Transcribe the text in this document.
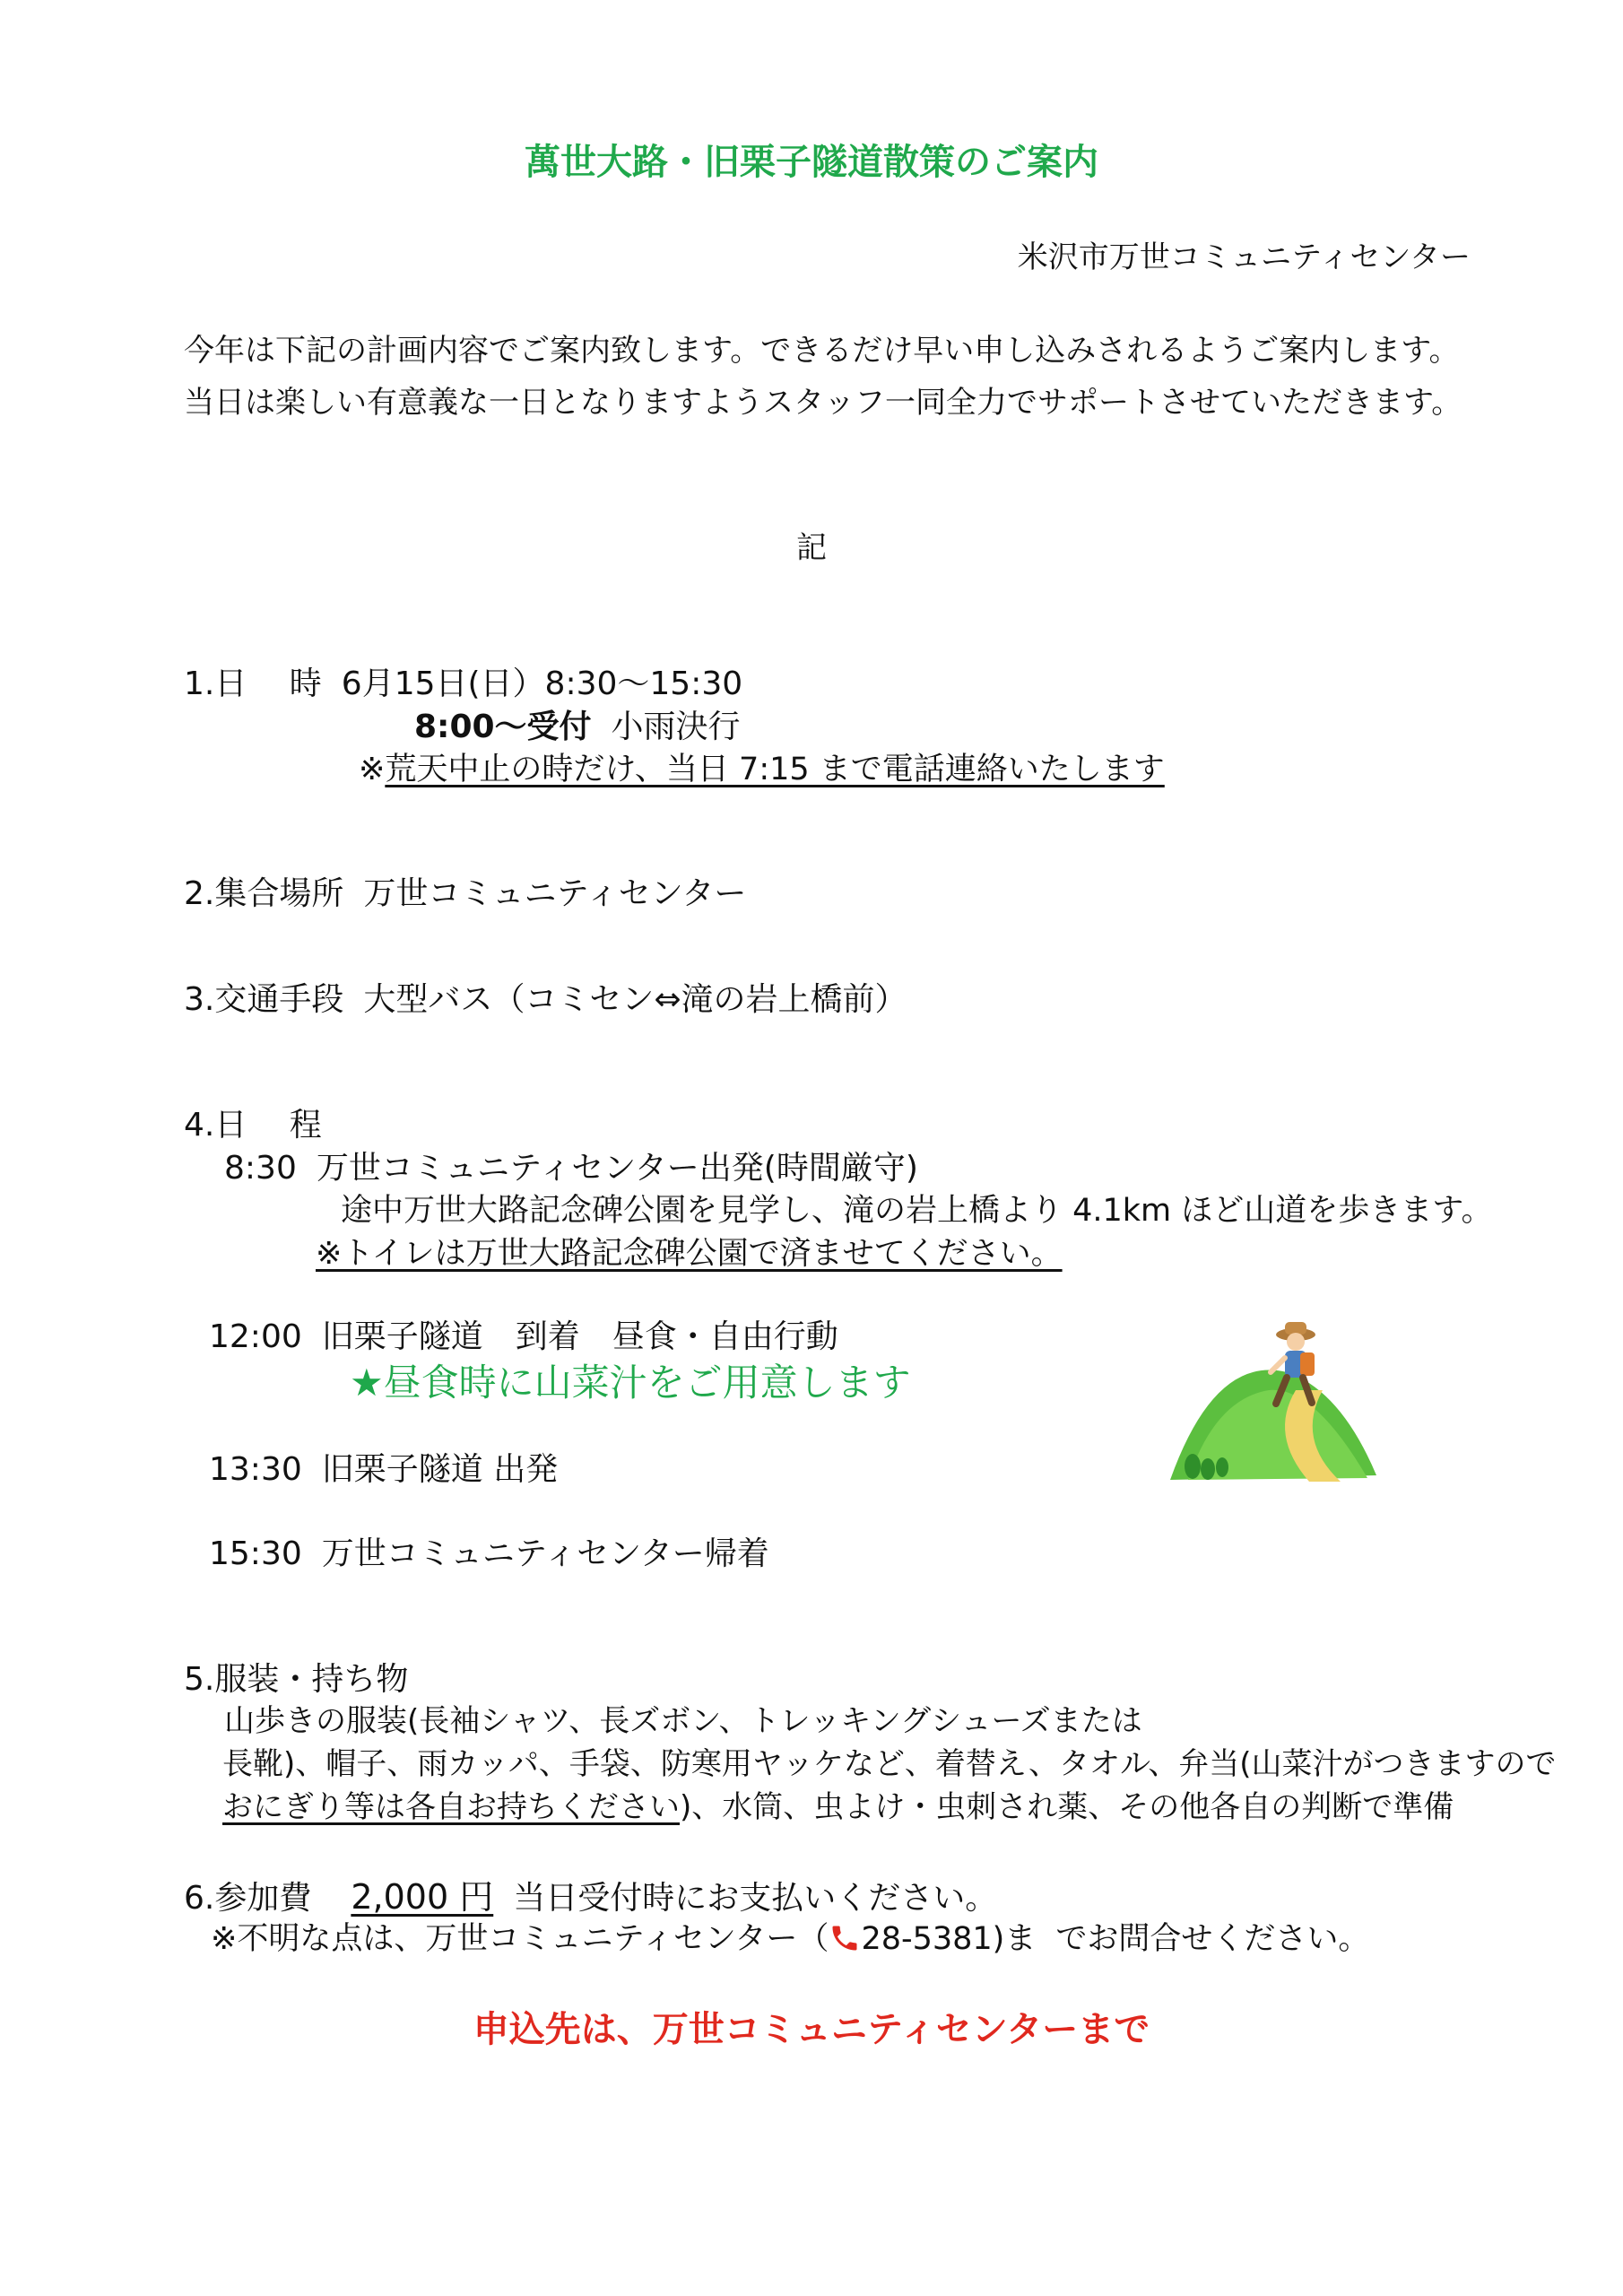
萬世大路・旧栗子隧道散策のご案内
米沢市万世コミュニティセンター
今年は下記の計画内容でご案内致します。できるだけ早い申し込みされるようご案内します。
当日は楽しい有意義な一日となりますようスタッフ一同全力でサポートさせていただきます。
記
1.日　 時 6月15日(日）8:30～15:30
8:00～受付 小雨決行
※荒天中止の時だけ、当日 7:15 まで電話連絡いたします
2.集合場所 万世コミュニティセンター
3.交通手段 大型バス（コミセン⇔滝の岩上橋前）
4.日　 程
8:30 万世コミュニティセンター出発(時間厳守)
途中万世大路記念碑公園を見学し、滝の岩上橋より 4.1km ほど山道を歩きます。
※トイレは万世大路記念碑公園で済ませてください。
12:00 旧栗子隧道　到着　昼食・自由行動
★昼食時に山菜汁をご用意します
13:30 旧栗子隧道 出発
15:30 万世コミュニティセンター帰着
5.服装・持ち物
山歩きの服装(長袖シャツ、長ズボン、トレッキングシューズまたは
長靴)、帽子、雨カッパ、手袋、防寒用ヤッケなど、着替え、タオル、弁当(山菜汁がつきますので
おにぎり等は各自お持ちください)、水筒、虫よけ・虫刺され薬、その他各自の判断で準備
6.参加費 2,000 円 当日受付時にお支払いください。
※不明な点は、万世コミュニティセンター（ 28-5381)ま でお問合せください。
申込先は、万世コミュニティセンターまで
